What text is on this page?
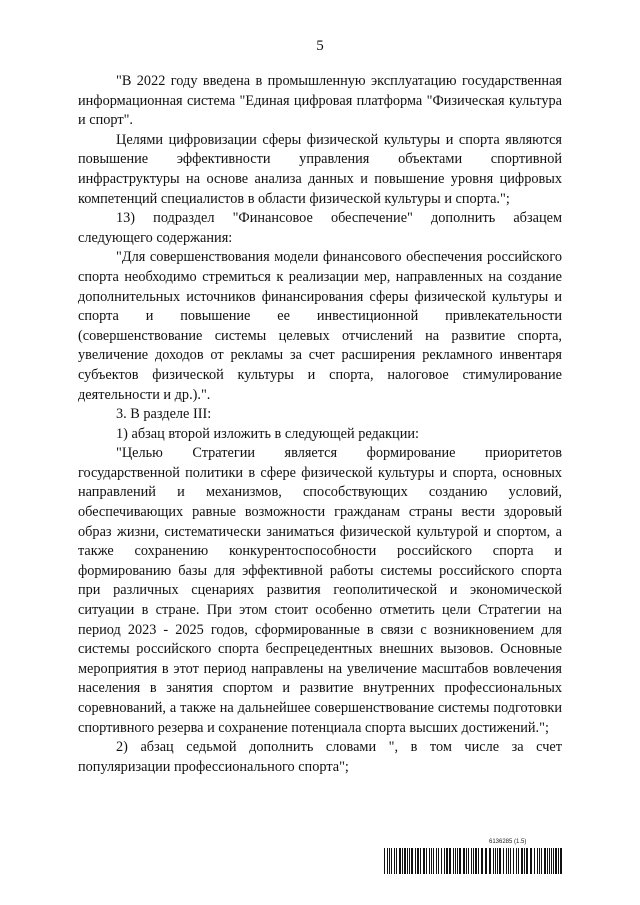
5

"В 2022 году введена в промышленную эксплуатацию государственная информационная система "Единая цифровая платформа "Физическая культура и спорт".

Целями цифровизации сферы физической культуры и спорта являются повышение эффективности управления объектами спортивной инфраструктуры на основе анализа данных и повышение уровня цифровых компетенций специалистов в области физической культуры и спорта.";

13) подраздел "Финансовое обеспечение" дополнить абзацем следующего содержания:

"Для совершенствования модели финансового обеспечения российского спорта необходимо стремиться к реализации мер, направленных на создание дополнительных источников финансирования сферы физической культуры и спорта и повышение ее инвестиционной привлекательности (совершенствование системы целевых отчислений на развитие спорта, увеличение доходов от рекламы за счет расширения рекламного инвентаря субъектов физической культуры и спорта, налоговое стимулирование деятельности и др.).".

3. В разделе III:

1) абзац второй изложить в следующей редакции:

"Целью Стратегии является формирование приоритетов государственной политики в сфере физической культуры и спорта, основных направлений и механизмов, способствующих созданию условий, обеспечивающих равные возможности гражданам страны вести здоровый образ жизни, систематически заниматься физической культурой и спортом, а также сохранению конкурентоспособности российского спорта и формированию базы для эффективной работы системы российского спорта при различных сценариях развития геополитической и экономической ситуации в стране. При этом стоит особенно отметить цели Стратегии на период 2023 - 2025 годов, сформированные в связи с возникновением для системы российского спорта беспрецедентных внешних вызовов. Основные мероприятия в этот период направлены на увеличение масштабов вовлечения населения в занятия спортом и развитие внутренних профессиональных соревнований, а также на дальнейшее совершенствование системы подготовки спортивного резерва и сохранение потенциала спорта высших достижений.";

2) абзац седьмой дополнить словами ", в том числе за счет популяризации профессионального спорта";

6136285 (1.5)
